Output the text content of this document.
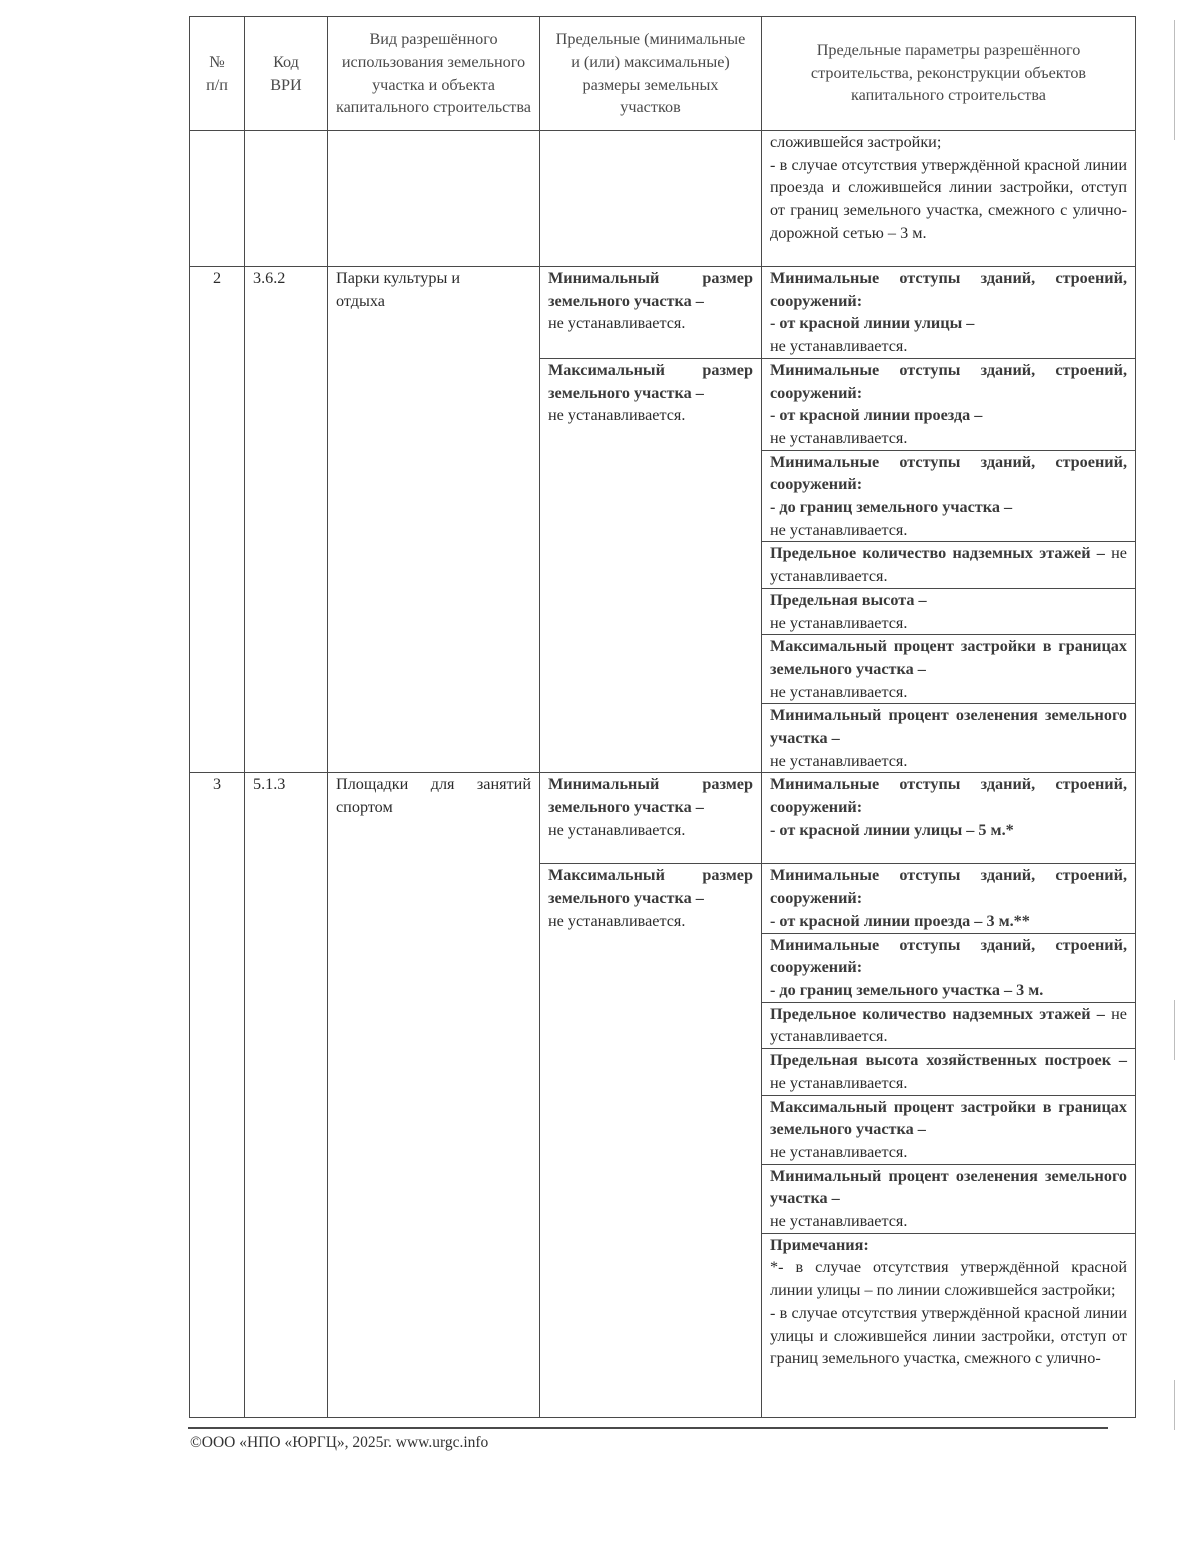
№ п/п	Код ВРИ	Вид разрешённого использования земельного участка и объекта капитального строительства	Предельные (минимальные и (или) максимальные) размеры земельных участков	Предельные параметры разрешённого строительства, реконструкции объектов капитального строительства

				сложившейся застройки;
- в случае отсутствия утверждённой красной линии проезда и сложившейся линии застройки, отступ от границ земельного участка, смежного с улично-дорожной сетью – 3 м.

2	3.6.2	Парки культуры и отдыха	Минимальный размер земельного участка –
не устанавливается.	Минимальные отступы зданий, строений, сооружений:
- от красной линии улицы –
не устанавливается.

			Максимальный размер земельного участка –
не устанавливается.	Минимальные отступы зданий, строений, сооружений:
- от красной линии проезда –
не устанавливается.

				Минимальные отступы зданий, строений, сооружений:
- до границ земельного участка –
не устанавливается.

				Предельное количество надземных этажей – не устанавливается.

				Предельная высота –
не устанавливается.

				Максимальный процент застройки в границах земельного участка –
не устанавливается.

				Минимальный процент озеленения земельного участка –
не устанавливается.

3	5.1.3	Площадки для занятий спортом	Минимальный размер земельного участка –
не устанавливается.	Минимальные отступы зданий, строений, сооружений:
- от красной линии улицы – 5 м.*

			Максимальный размер земельного участка –
не устанавливается.	Минимальные отступы зданий, строений, сооружений:
- от красной линии проезда – 3 м.**

				Минимальные отступы зданий, строений, сооружений:
- до границ земельного участка – 3 м.

				Предельное количество надземных этажей – не устанавливается.
				Предельная высота хозяйственных построек – не устанавливается.
				Максимальный процент застройки в границах земельного участка –
не устанавливается.

				Минимальный процент озеленения земельного участка –
не устанавливается.

				Примечания:
*- в случае отсутствия утверждённой красной линии улицы – по линии сложившейся застройки;
- в случае отсутствия утверждённой красной линии улицы и сложившейся линии застройки, отступ от границ земельного участка, смежного с улично-
©ООО «НПО «ЮРГЦ», 2025г. www.urgc.info
